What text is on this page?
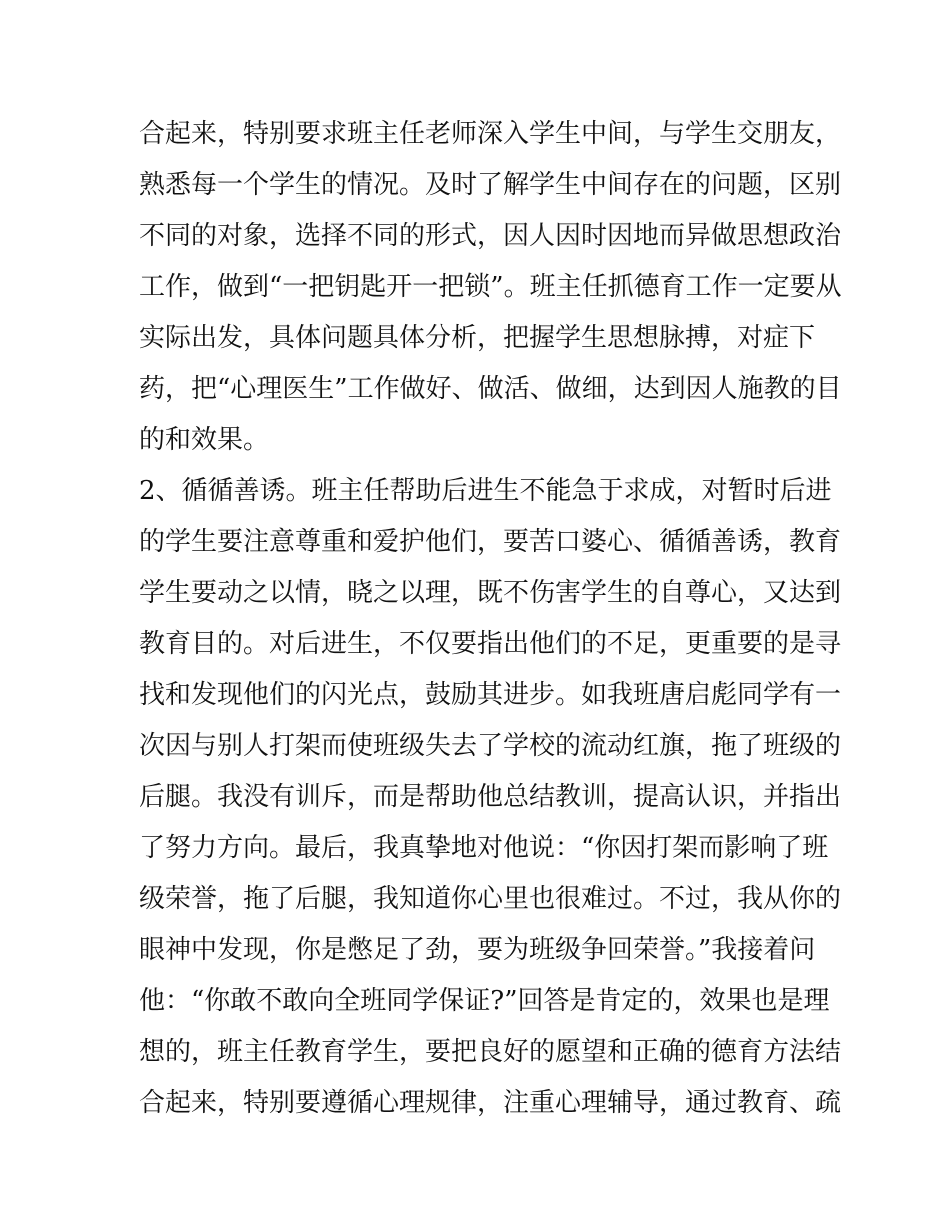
合起来，特别要求班主任老师深入学生中间，与学生交朋友，

熟悉每一个学生的情况。及时了解学生中间存在的问题，区别

不同的对象，选择不同的形式，因人因时因地而异做思想政治

工作，做到“一把钥匙开一把锁”。班主任抓德育工作一定要从

实际出发，具体问题具体分析，把握学生思想脉搏，对症下

药，把“心理医生”工作做好、做活、做细，达到因人施教的目

的和效果。

2、循循善诱。班主任帮助后进生不能急于求成，对暂时后进

的学生要注意尊重和爱护他们，要苦口婆心、循循善诱，教育

学生要动之以情，晓之以理，既不伤害学生的自尊心，又达到

教育目的。对后进生，不仅要指出他们的不足，更重要的是寻

找和发现他们的闪光点，鼓励其进步。如我班唐启彪同学有一

次因与别人打架而使班级失去了学校的流动红旗，拖了班级的

后腿。我没有训斥，而是帮助他总结教训，提高认识，并指出

了努力方向。最后，我真挚地对他说：“你因打架而影响了班

级荣誉，拖了后腿，我知道你心里也很难过。不过，我从你的

眼神中发现，你是憋足了劲，要为班级争回荣誉。”我接着问

他：“你敢不敢向全班同学保证?”回答是肯定的，效果也是理

想的，班主任教育学生，要把良好的愿望和正确的德育方法结

合起来，特别要遵循心理规律，注重心理辅导，通过教育、疏
